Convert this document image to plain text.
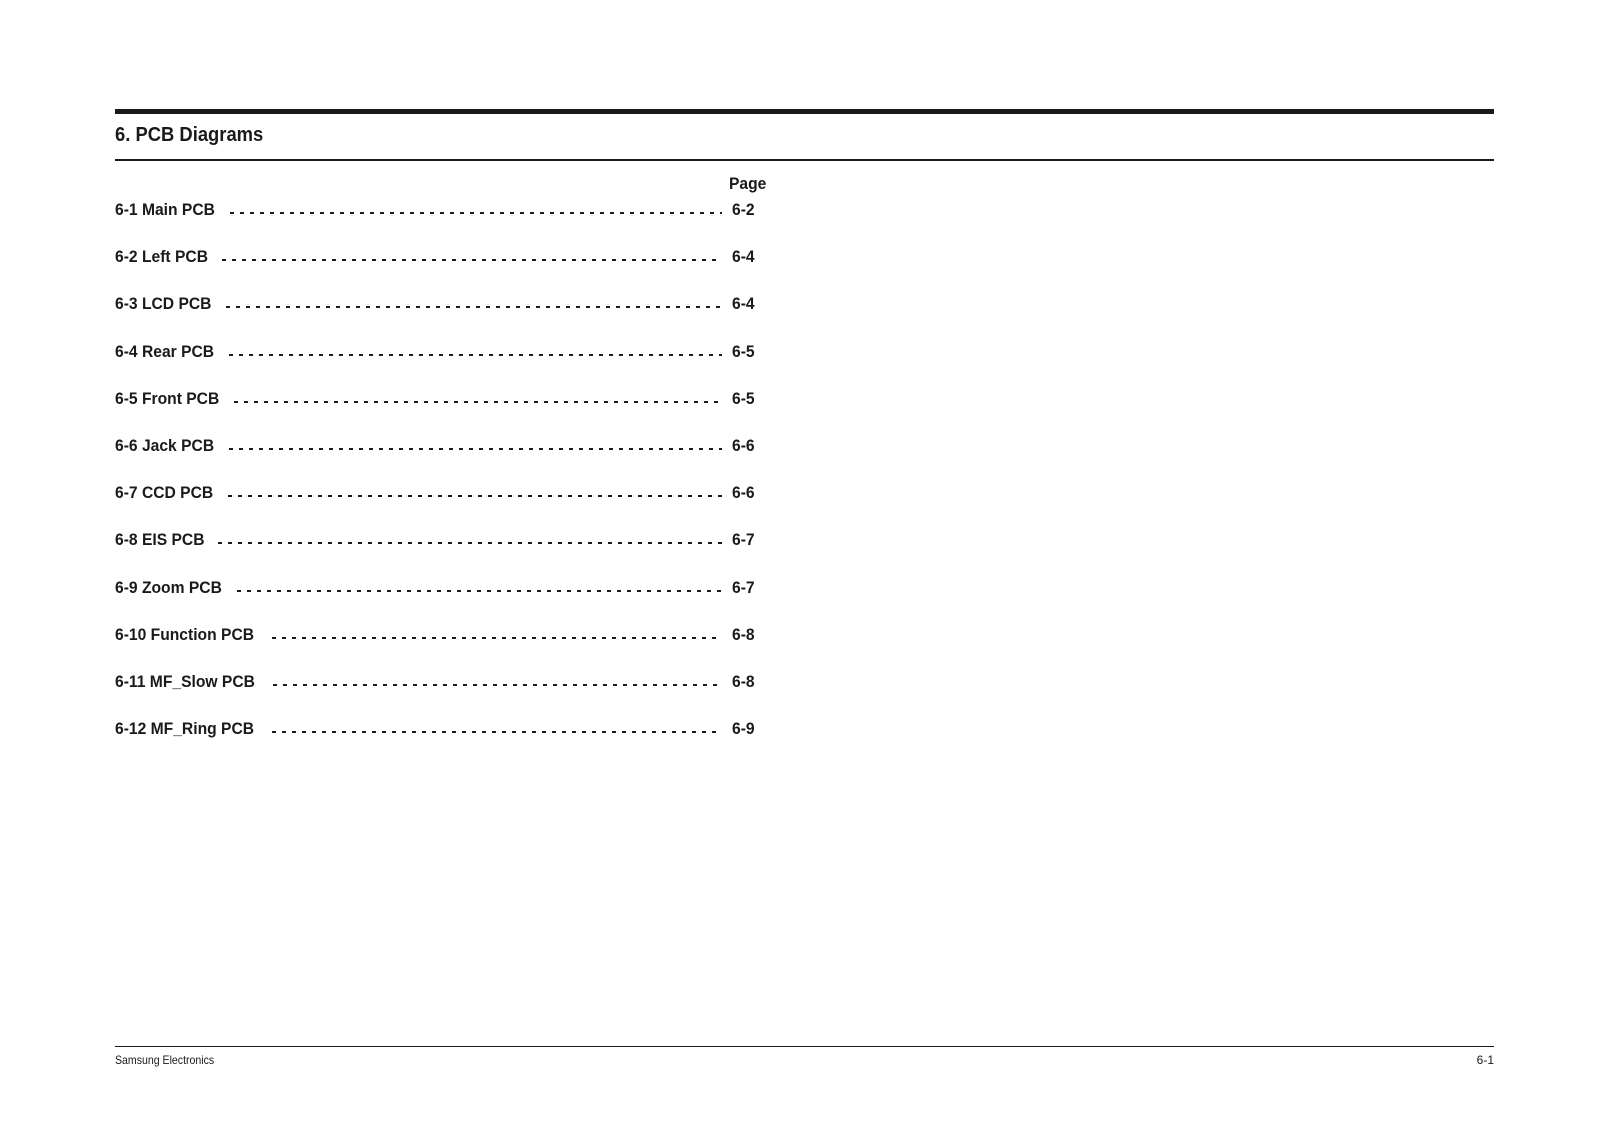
6. PCB Diagrams
Page
6-1 Main PCB	6-2
6-2 Left PCB	6-4
6-3 LCD PCB	6-4
6-4 Rear PCB	6-5
6-5 Front PCB	6-5
6-6 Jack PCB	6-6
6-7 CCD PCB	6-6
6-8 EIS PCB	6-7
6-9 Zoom PCB	6-7
6-10 Function PCB	6-8
6-11 MF_Slow PCB	6-8
6-12 MF_Ring PCB	6-9
Samsung Electronics	6-1
